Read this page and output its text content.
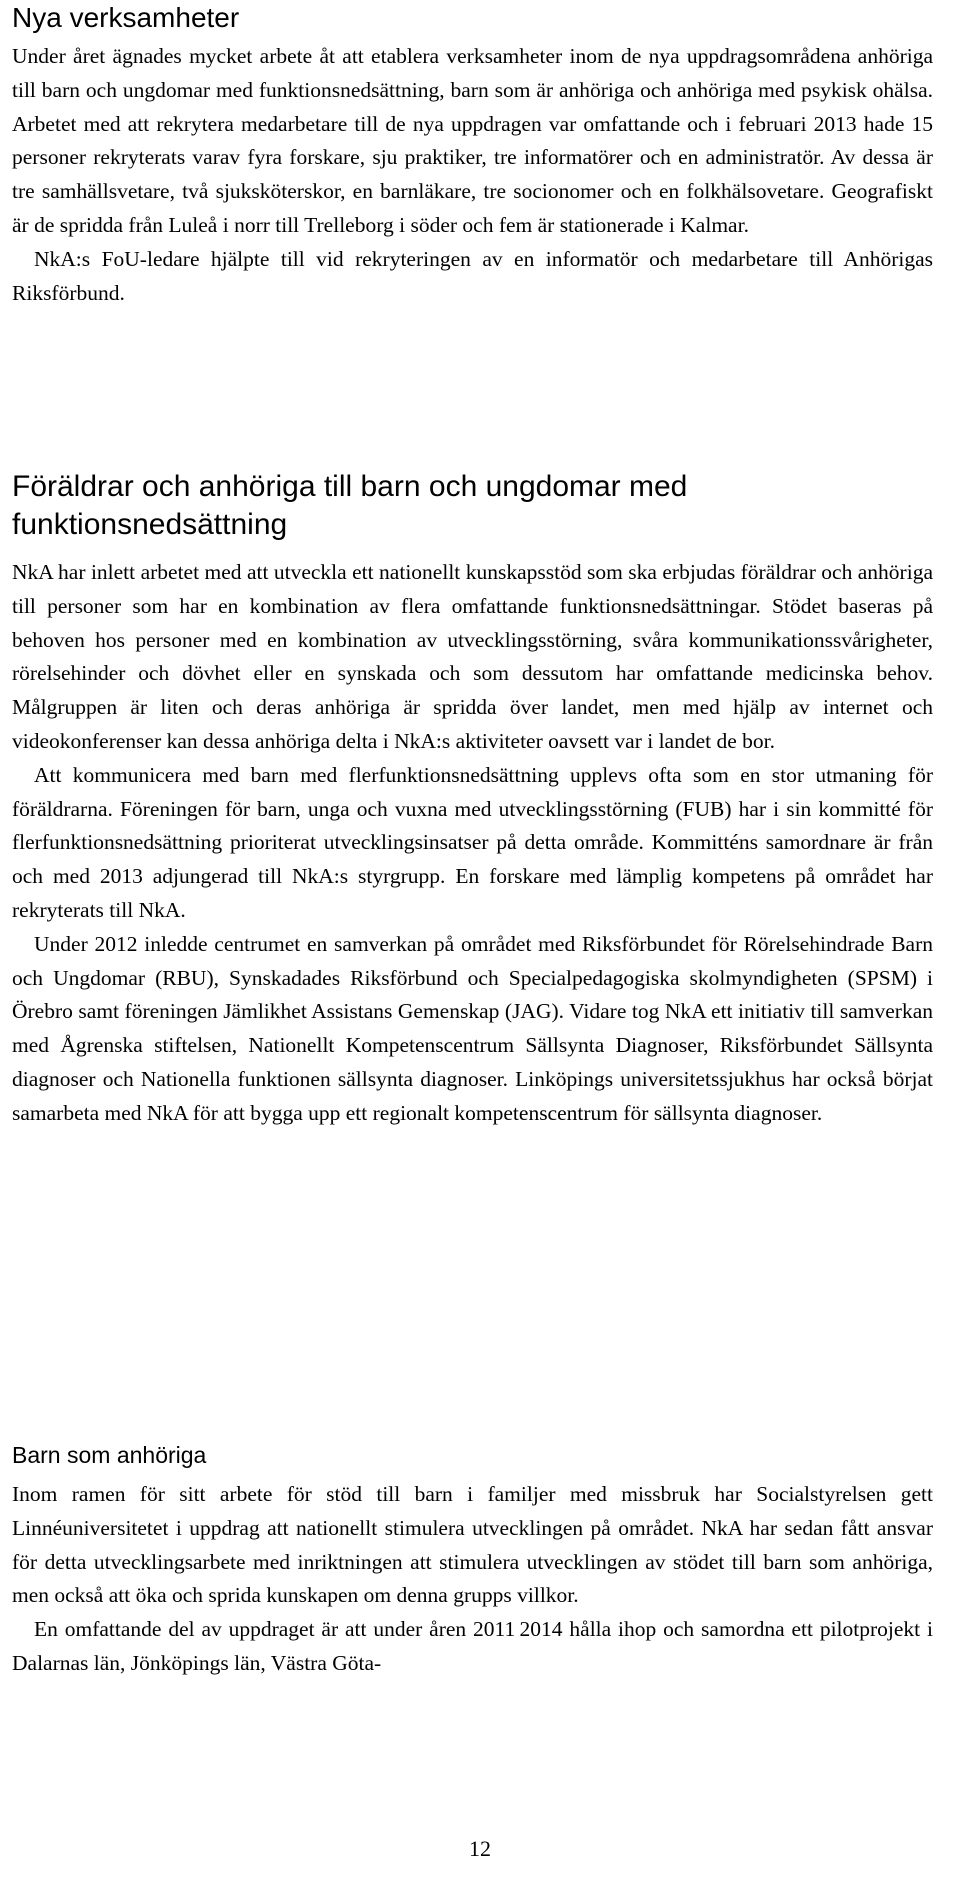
Nya verksamheter

Under året ägnades mycket arbete åt att etablera verksamheter inom de nya uppdragsområdena anhöriga till barn och ungdomar med funktionsnedsättning, barn som är anhöriga och anhöriga med psykisk ohälsa. Arbetet med att rekrytera medarbetare till de nya uppdragen var omfattande och i februari 2013 hade 15 personer rekryterats varav fyra forskare, sju praktiker, tre informatörer och en administratör. Av dessa är tre samhällsvetare, två sjuksköterskor, en barnläkare, tre socionomer och en folkhälsovetare. Geografiskt är de spridda från Luleå i norr till Trelleborg i söder och fem är stationerade i Kalmar.

NkA:s FoU-ledare hjälpte till vid rekryteringen av en informatör och medarbetare till Anhörigas Riksförbund.

Föräldrar och anhöriga till barn och ungdomar med funktionsnedsättning

NkA har inlett arbetet med att utveckla ett nationellt kunskapsstöd som ska erbjudas föräldrar och anhöriga till personer som har en kombination av flera omfattande funktionsnedsättningar. Stödet baseras på behoven hos personer med en kombination av utvecklingsstörning, svåra kommunikationssvårigheter, rörelsehinder och dövhet eller en synskada och som dessutom har omfattande medicinska behov. Målgruppen är liten och deras anhöriga är spridda över landet, men med hjälp av internet och videokonferenser kan dessa anhöriga delta i NkA:s aktiviteter oavsett var i landet de bor.

Att kommunicera med barn med flerfunktionsnedsättning upplevs ofta som en stor utmaning för föräldrarna. Föreningen för barn, unga och vuxna med utvecklingsstörning (FUB) har i sin kommitté för flerfunktionsnedsättning prioriterat utvecklingsinsatser på detta område. Kommitténs samordnare är från och med 2013 adjungerad till NkA:s styrgrupp. En forskare med lämplig kompetens på området har rekryterats till NkA.

Under 2012 inledde centrumet en samverkan på området med Riksförbundet för Rörelsehindrade Barn och Ungdomar (RBU), Synskadades Riksförbund och Specialpedagogiska skolmyndigheten (SPSM) i Örebro samt föreningen Jämlikhet Assistans Gemenskap (JAG). Vidare tog NkA ett initiativ till samverkan med Ågrenska stiftelsen, Nationellt Kompetenscentrum Sällsynta Diagnoser, Riksförbundet Sällsynta diagnoser och Nationella funktionen sällsynta diagnoser. Linköpings universitetssjukhus har också börjat samarbeta med NkA för att bygga upp ett regionalt kompetenscentrum för sällsynta diagnoser.

Barn som anhöriga

Inom ramen för sitt arbete för stöd till barn i familjer med missbruk har Socialstyrelsen gett Linnéuniversitetet i uppdrag att nationellt stimulera utvecklingen på området. NkA har sedan fått ansvar för detta utvecklingsarbete med inriktningen att stimulera utvecklingen av stödet till barn som anhöriga, men också att öka och sprida kunskapen om denna grupps villkor.

En omfattande del av uppdraget är att under åren 2011 2014 hålla ihop och samordna ett pilotprojekt i Dalarnas län, Jönköpings län, Västra Göta-

12
